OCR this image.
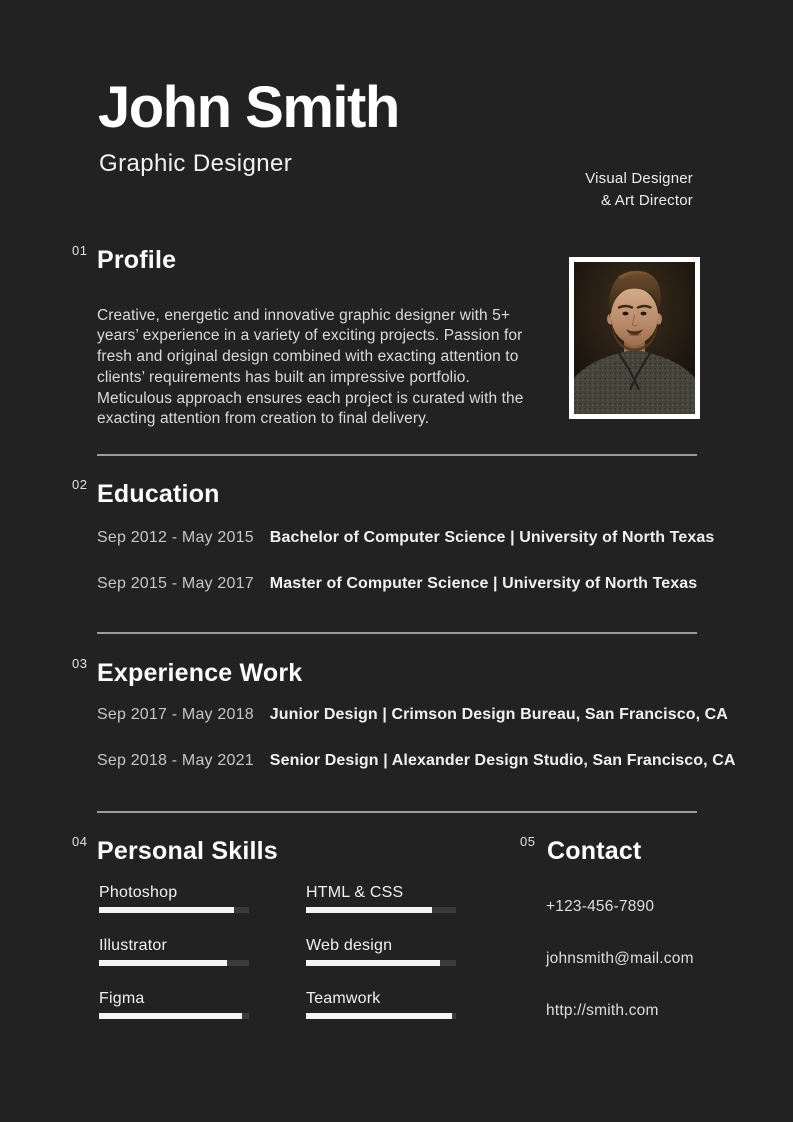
John Smith
Graphic Designer
Visual Designer
& Art Director
01 Profile

Creative, energetic and innovative graphic designer with 5+ years’ experience in a variety of exciting projects. Passion for fresh and original design combined with exacting attention to clients’ requirements has built an impressive portfolio. Meticulous approach ensures each project is curated with the exacting attention from creation to final delivery.

02 Education
Sep 2012 - May 2015 Bachelor of Computer Science | University of North Texas
Sep 2015 - May 2017 Master of Computer Science | University of North Texas
03 Experience Work
Sep 2017 - May 2018 Junior Design | Crimson Design Bureau, San Francisco, CA
Sep 2018 - May 2021 Senior Design | Alexander Design Studio, San Francisco, CA
04 Personal Skills
Photoshop
Illustrator
Figma
HTML & CSS
Web design
Teamwork
05 Contact
+123-456-7890
johnsmith@mail.com
http://smith.com
